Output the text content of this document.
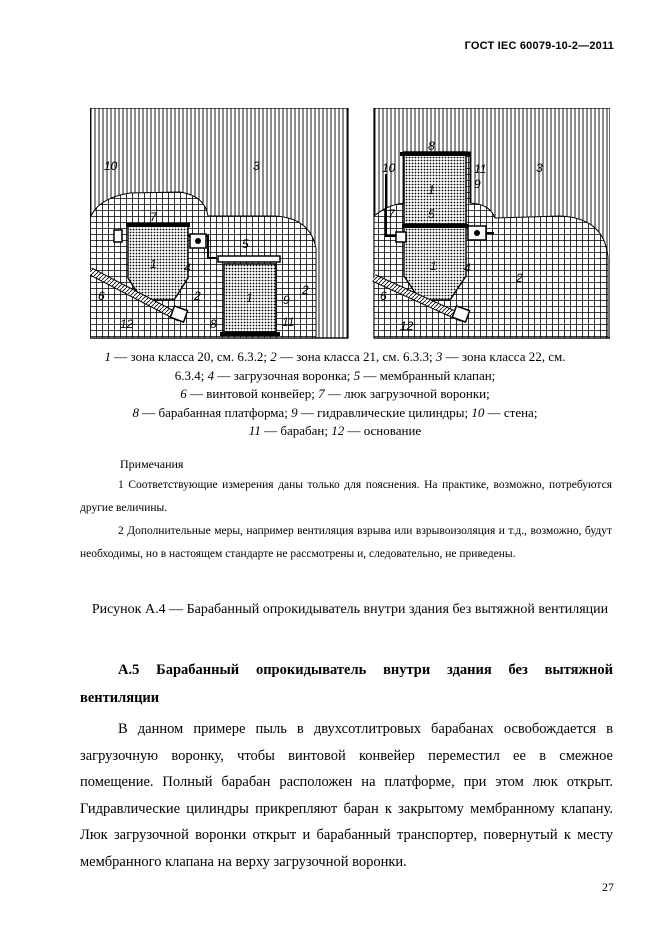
ГОСТ IEC 60079-10-2—2011
10	3
7
1 4
5
2
6
8
1	9
2
11
12
8
11
10
9
3
1
7	5
1 4
2
6
12
1 — зона класса 20, см. 6.3.2; 2 — зона класса 21, см. 6.3.3; 3 — зона класса 22, см. 6.3.4; 4 — загрузочная воронка; 5 — мембранный клапан;
6 — винтовой конвейер; 7 — люк загрузочной воронки;
8 — барабанная платформа; 9 — гидравлические цилиндры; 10 — стена;
11 — барабан; 12 — основание
Примечания
1 Соответствующие измерения даны только для пояснения. На практике, возможно, потребуются другие величины.
2 Дополнительные меры, например вентиляция взрыва или взрывоизоляция и т.д., возможно, будут необходимы, но в настоящем стандарте не рассмотрены и, следовательно, не приведены.
Рисунок А.4 — Барабанный опрокидыватель внутри здания без вытяжной вентиляции
А.5 Барабанный опрокидыватель внутри здания без вытяжной вентиляции
В данном примере пыль в двухсотлитровых барабанах освобождается в загрузочную воронку, чтобы винтовой конвейер переместил ее в смежное помещение. Полный барабан расположен на платформе, при этом люк открыт. Гидравлические цилиндры прикрепляют баран к закрытому мембранному клапану. Люк загрузочной воронки открыт и барабанный транспортер, повернутый к месту мембранного клапана на верху загрузочной воронки.
27
